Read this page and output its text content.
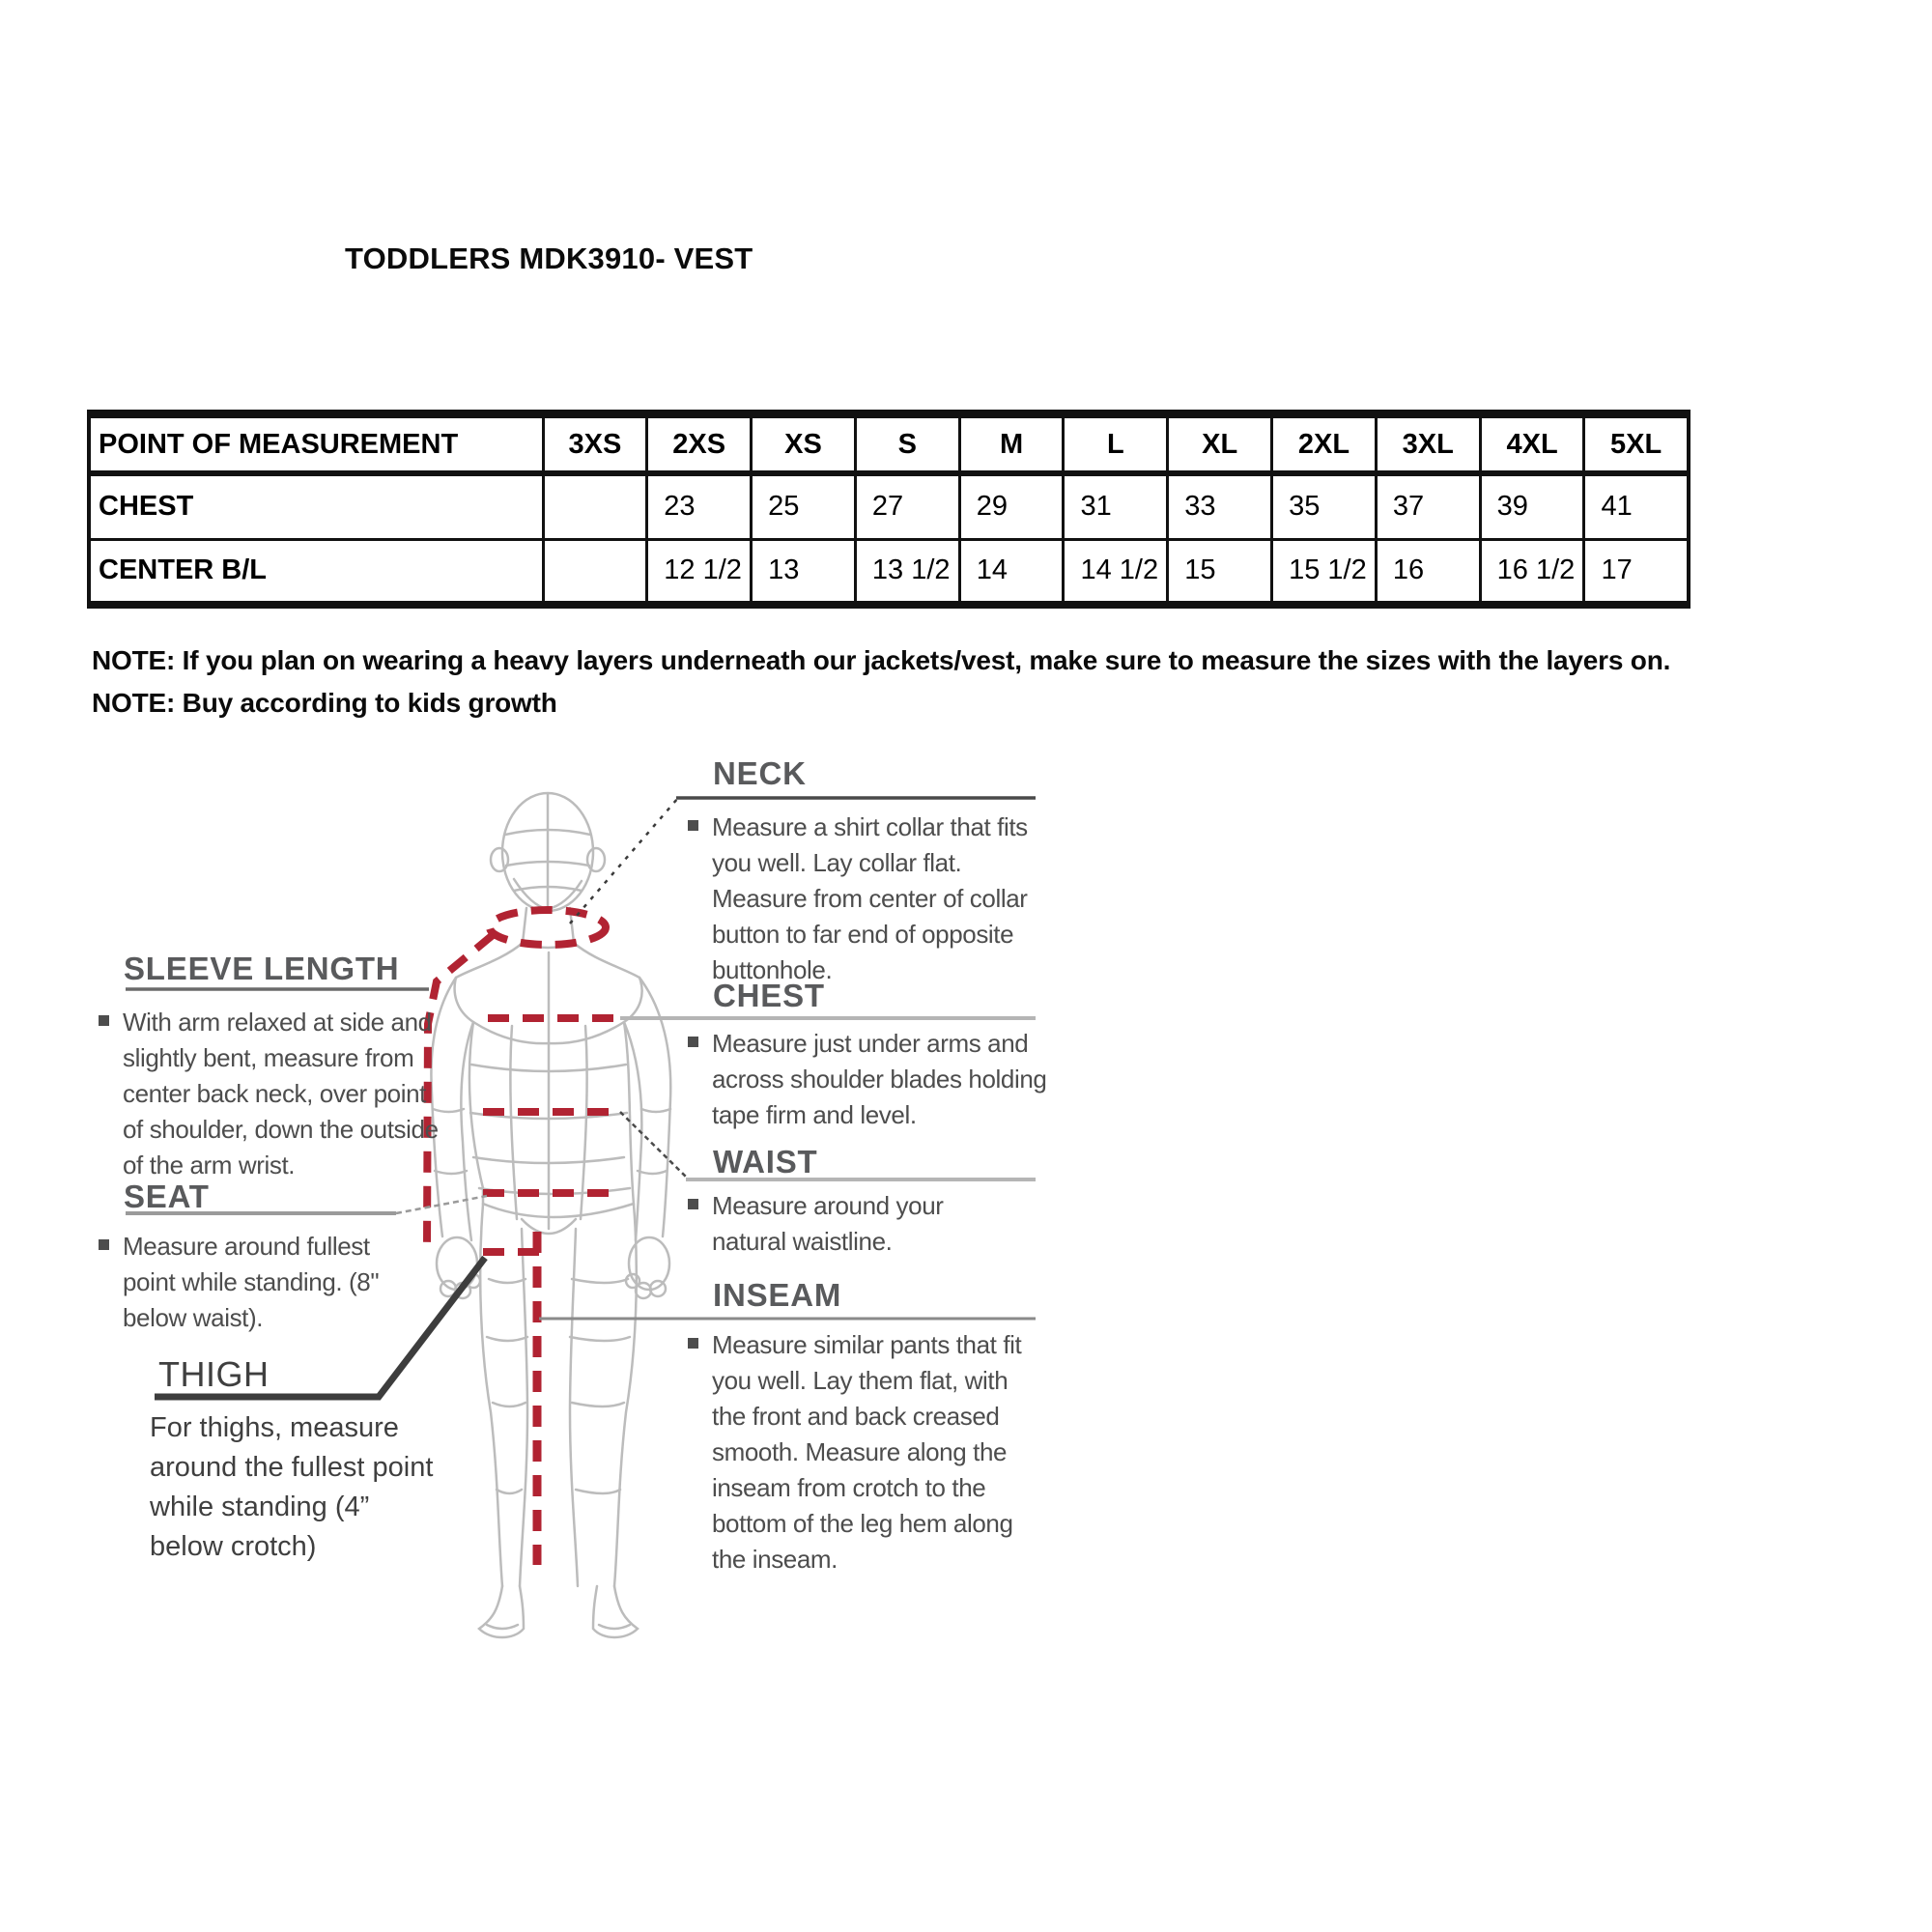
TODDLERS MDK3910- VEST
POINT OF MEASUREMENT	3XS	2XS	XS	S	M	L	XL	2XL	3XL	4XL	5XL
CHEST		23	25	27	29	31	33	35	37	39	41
CENTER B/L		12 1/2	13	13 1/2	14	14 1/2	15	15 1/2	16	16 1/2	17
NOTE: If you plan on wearing a heavy layers underneath our jackets/vest, make sure to measure the sizes with the layers on.
NOTE: Buy according to kids growth
NECK
Measure a shirt collar that fits you well. Lay collar flat. Measure from center of collar button to far end of opposite buttonhole.
SLEEVE LENGTH
With arm relaxed at side and slightly bent, measure from center back neck, over point of shoulder, down the outside of the arm wrist.
CHEST
Measure just under arms and across shoulder blades holding tape firm and level.
SEAT
Measure around fullest point while standing. (8" below waist).
WAIST
Measure around your natural waistline.
THIGH
For thighs, measure around the fullest point while standing (4” below crotch)
INSEAM
Measure similar pants that fit you well. Lay them flat, with the front and back creased smooth. Measure along the inseam from crotch to the bottom of the leg hem along the inseam.
